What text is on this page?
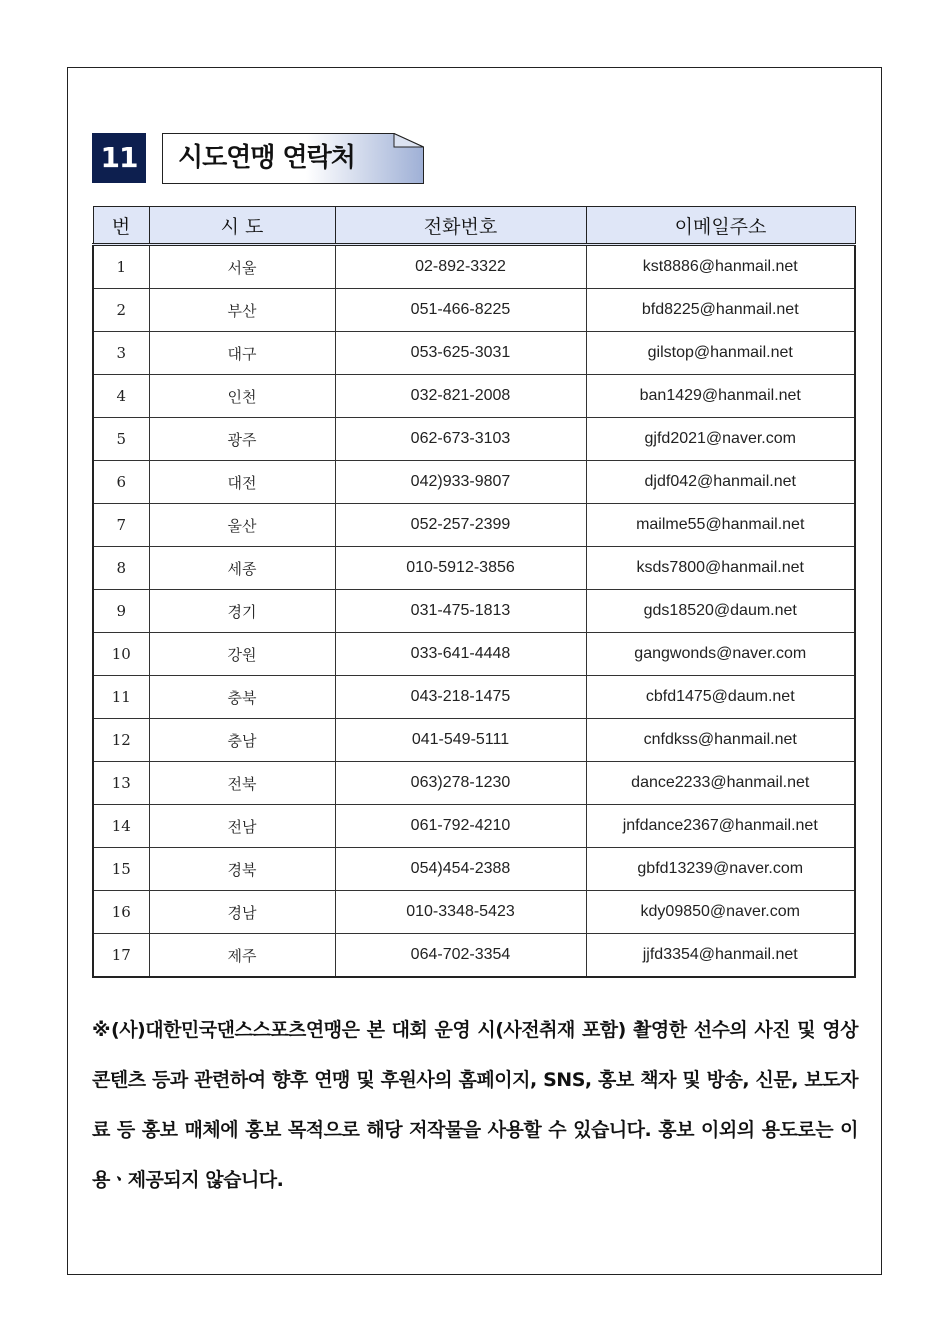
11	시도연맹 연락처
번	시 도	전화번호	이메일주소
1	서울	02-892-3322	kst8886@hanmail.net
2	부산	051-466-8225	bfd8225@hanmail.net
3	대구	053-625-3031	gilstop@hanmail.net
4	인천	032-821-2008	ban1429@hanmail.net
5	광주	062-673-3103	gjfd2021@naver.com
6	대전	042)933-9807	djdf042@hanmail.net
7	울산	052-257-2399	mailme55@hanmail.net
8	세종	010-5912-3856	ksds7800@hanmail.net
9	경기	031-475-1813	gds18520@daum.net
10	강원	033-641-4448	gangwonds@naver.com
11	충북	043-218-1475	cbfd1475@daum.net
12	충남	041-549-5111	cnfdkss@hanmail.net
13	전북	063)278-1230	dance2233@hanmail.net
14	전남	061-792-4210	jnfdance2367@hanmail.net
15	경북	054)454-2388	gbfd13239@naver.com
16	경남	010-3348-5423	kdy09850@naver.com
17	제주	064-702-3354	jjfd3354@hanmail.net
※(사)대한민국댄스스포츠연맹은 본 대회 운영 시(사전취재 포함) 촬영한 선수의 사진 및 영상 콘텐츠 등과 관련하여 향후 연맹 및 후원사의 홈페이지, SNS, 홍보 책자 및 방송, 신문, 보도자료 등 홍보 매체에 홍보 목적으로 해당 저작물을 사용할 수 있습니다. 홍보 이외의 용도로는 이용ㆍ제공되지 않습니다.
